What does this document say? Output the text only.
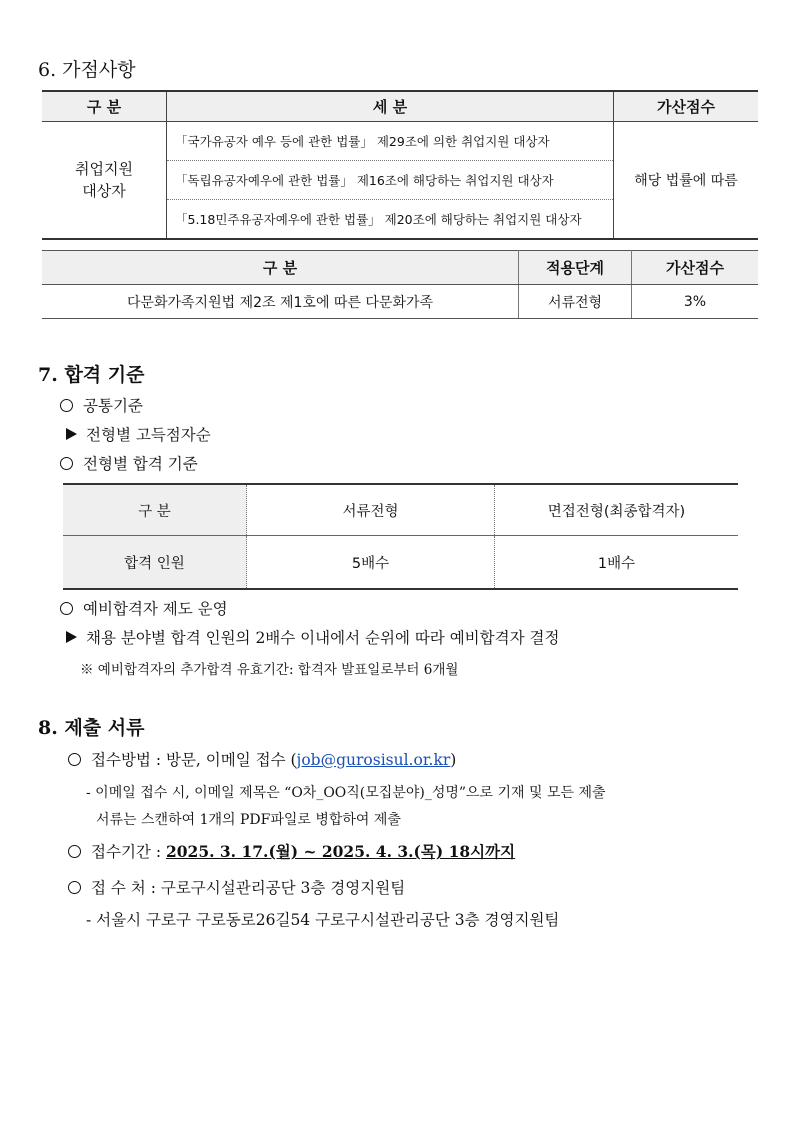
6. 가점사항
구 분	세 분	가산점수
취업지원
대상자	「국가유공자 예우 등에 관한 법률」 제29조에 의한 취업지원 대상자	해당 법률에 따름
	「독립유공자예우에 관한 법률」 제16조에 해당하는 취업지원 대상자	
	「5.18민주유공자예우에 관한 법률」 제20조에 해당하는 취업지원 대상자	
구 분	적용단계	가산점수
다문화가족지원법 제2조 제1호에 따른 다문화가족	서류전형	3%
7. 합격 기준
공통기준
전형별 고득점자순
전형별 합격 기준
구 분	서류전형	면접전형(최종합격자)
합격 인원	5배수	1배수
예비합격자 제도 운영
채용 분야별 합격 인원의 2배수 이내에서 순위에 따라 예비합격자 결정
※ 예비합격자의 추가합격 유효기간: 합격자 발표일로부터 6개월
8. 제출 서류
접수방법 : 방문, 이메일 접수 (job@gurosisul.or.kr)
- 이메일 접수 시, 이메일 제목은 “O차_OO직(모집분야)_성명”으로 기재 및 모든 제출
서류는 스캔하여 1개의 PDF파일로 병합하여 제출
접수기간 : 2025. 3. 17.(월) ~ 2025. 4. 3.(목) 18시까지
접 수 처 : 구로구시설관리공단 3층 경영지원팀
- 서울시 구로구 구로동로26길54 구로구시설관리공단 3층 경영지원팀
